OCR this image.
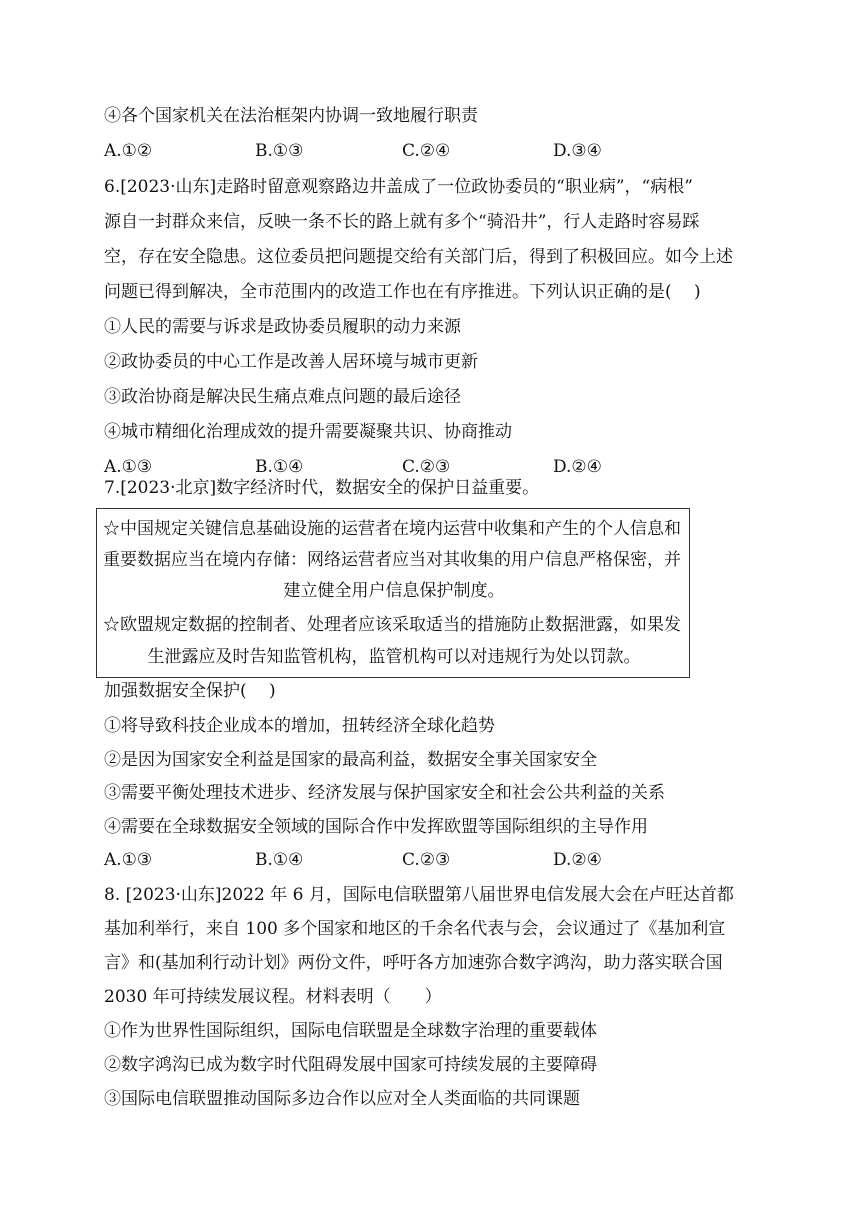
④各个国家机关在法治框架内协调一致地履行职责
A.①②	B.①③	C.②④	D.③④
6.[2023·山东]走路时留意观察路边井盖成了一位政协委员的“职业病”，“病根”
源自一封群众来信，反映一条不长的路上就有多个“骑沿井”，行人走路时容易踩
空，存在安全隐患。这位委员把问题提交给有关部门后，得到了积极回应。如今上述
问题已得到解决，全市范围内的改造工作也在有序推进。下列认识正确的是(　 )
①人民的需要与诉求是政协委员履职的动力来源
②政协委员的中心工作是改善人居环境与城市更新
③政治协商是解决民生痛点难点问题的最后途径
④城市精细化治理成效的提升需要凝聚共识、协商推动
A.①③	B.①④	C.②③	D.②④
7.[2023·北京]数字经济时代，数据安全的保护日益重要。
☆中国规定关键信息基础设施的运营者在境内运营中收集和产生的个人信息和
重要数据应当在境内存储：网络运营者应当对其收集的用户信息严格保密，并
建立健全用户信息保护制度。
☆欧盟规定数据的控制者、处理者应该采取适当的措施防止数据泄露，如果发
生泄露应及时告知监管机构，监管机构可以对违规行为处以罚款。
加强数据安全保护(　 )
①将导致科技企业成本的增加，扭转经济全球化趋势
②是因为国家安全利益是国家的最高利益，数据安全事关国家安全
③需要平衡处理技术进步、经济发展与保护国家安全和社会公共利益的关系
④需要在全球数据安全领域的国际合作中发挥欧盟等国际组织的主导作用
A.①③	B.①④	C.②③	D.②④
8. [2023·山东]2022 年 6 月，国际电信联盟第八届世界电信发展大会在卢旺达首都
基加利举行，来自 100 多个国家和地区的千余名代表与会，会议通过了《基加利宣
言》和(基加利行动计划》两份文件，呼吁各方加速弥合数字鸿沟，助力落实联合国
2030 年可持续发展议程。材料表明（　　）
①作为世界性国际组织，国际电信联盟是全球数字治理的重要载体
②数字鸿沟已成为数字时代阻碍发展中国家可持续发展的主要障碍
③国际电信联盟推动国际多边合作以应对全人类面临的共同课题
